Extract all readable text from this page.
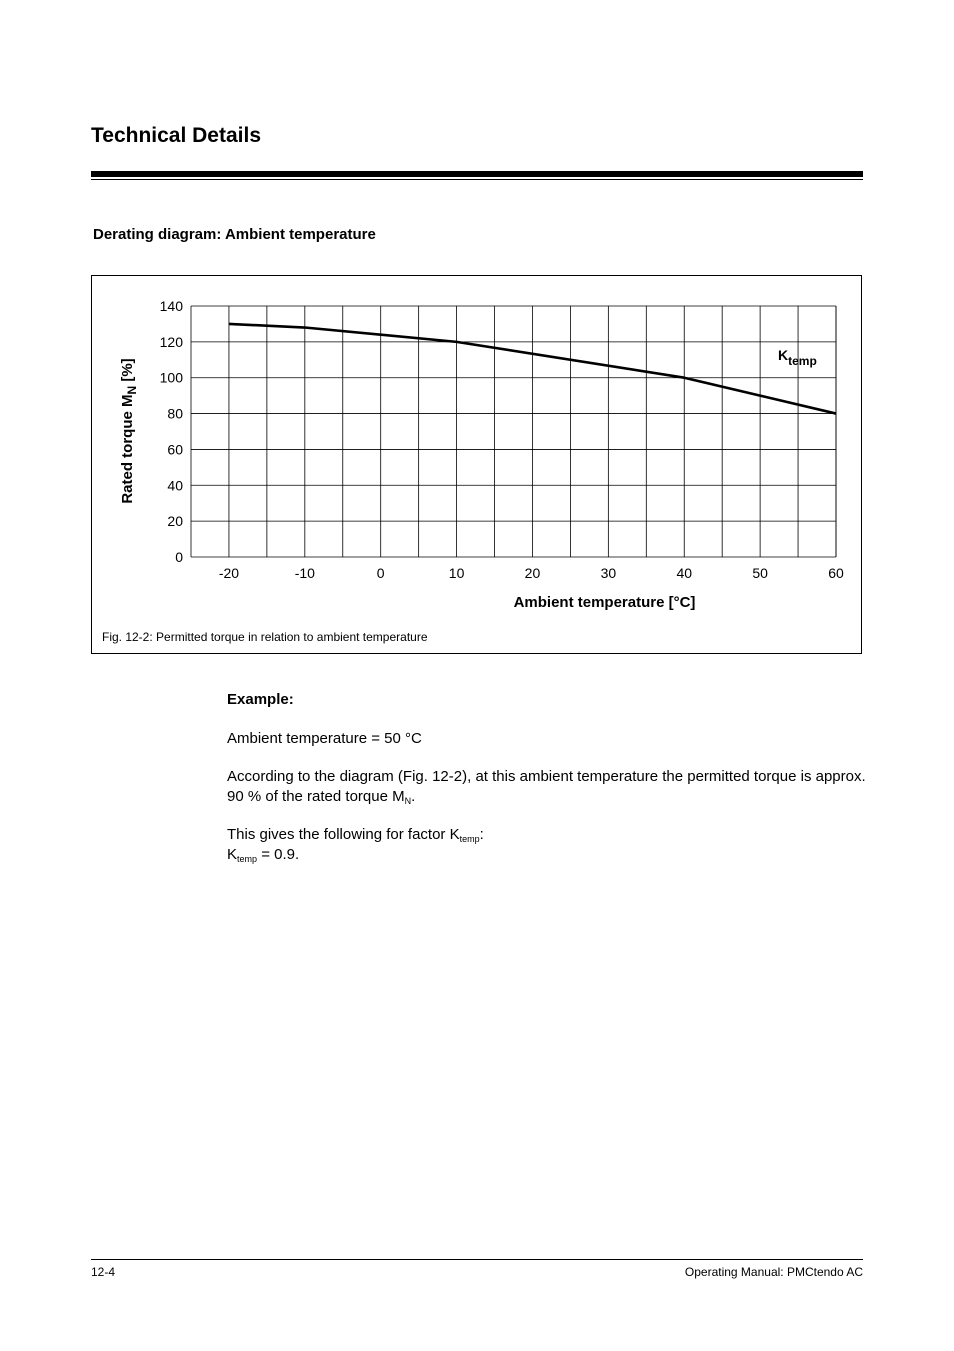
Technical Details
Derating diagram: Ambient temperature
0
20
40
60
80
100
120
140
-20	-10	0	10	20	30	40	50	60
Ktemp
Ambient temperature [°C]
Rated torque $M_N$ [%]
Fig. 12-2: Permitted torque in relation to ambient temperature
Example:
Ambient temperature = 50 °C
According to the diagram (Fig. 12-2), at this ambient temperature the permitted torque is approx. 90 % of the rated torque $M_N$.
This gives the following for factor $K_{temp}$:
$K_{temp} = 0.9$.
12-4	Operating Manual: PMCtendo AC
